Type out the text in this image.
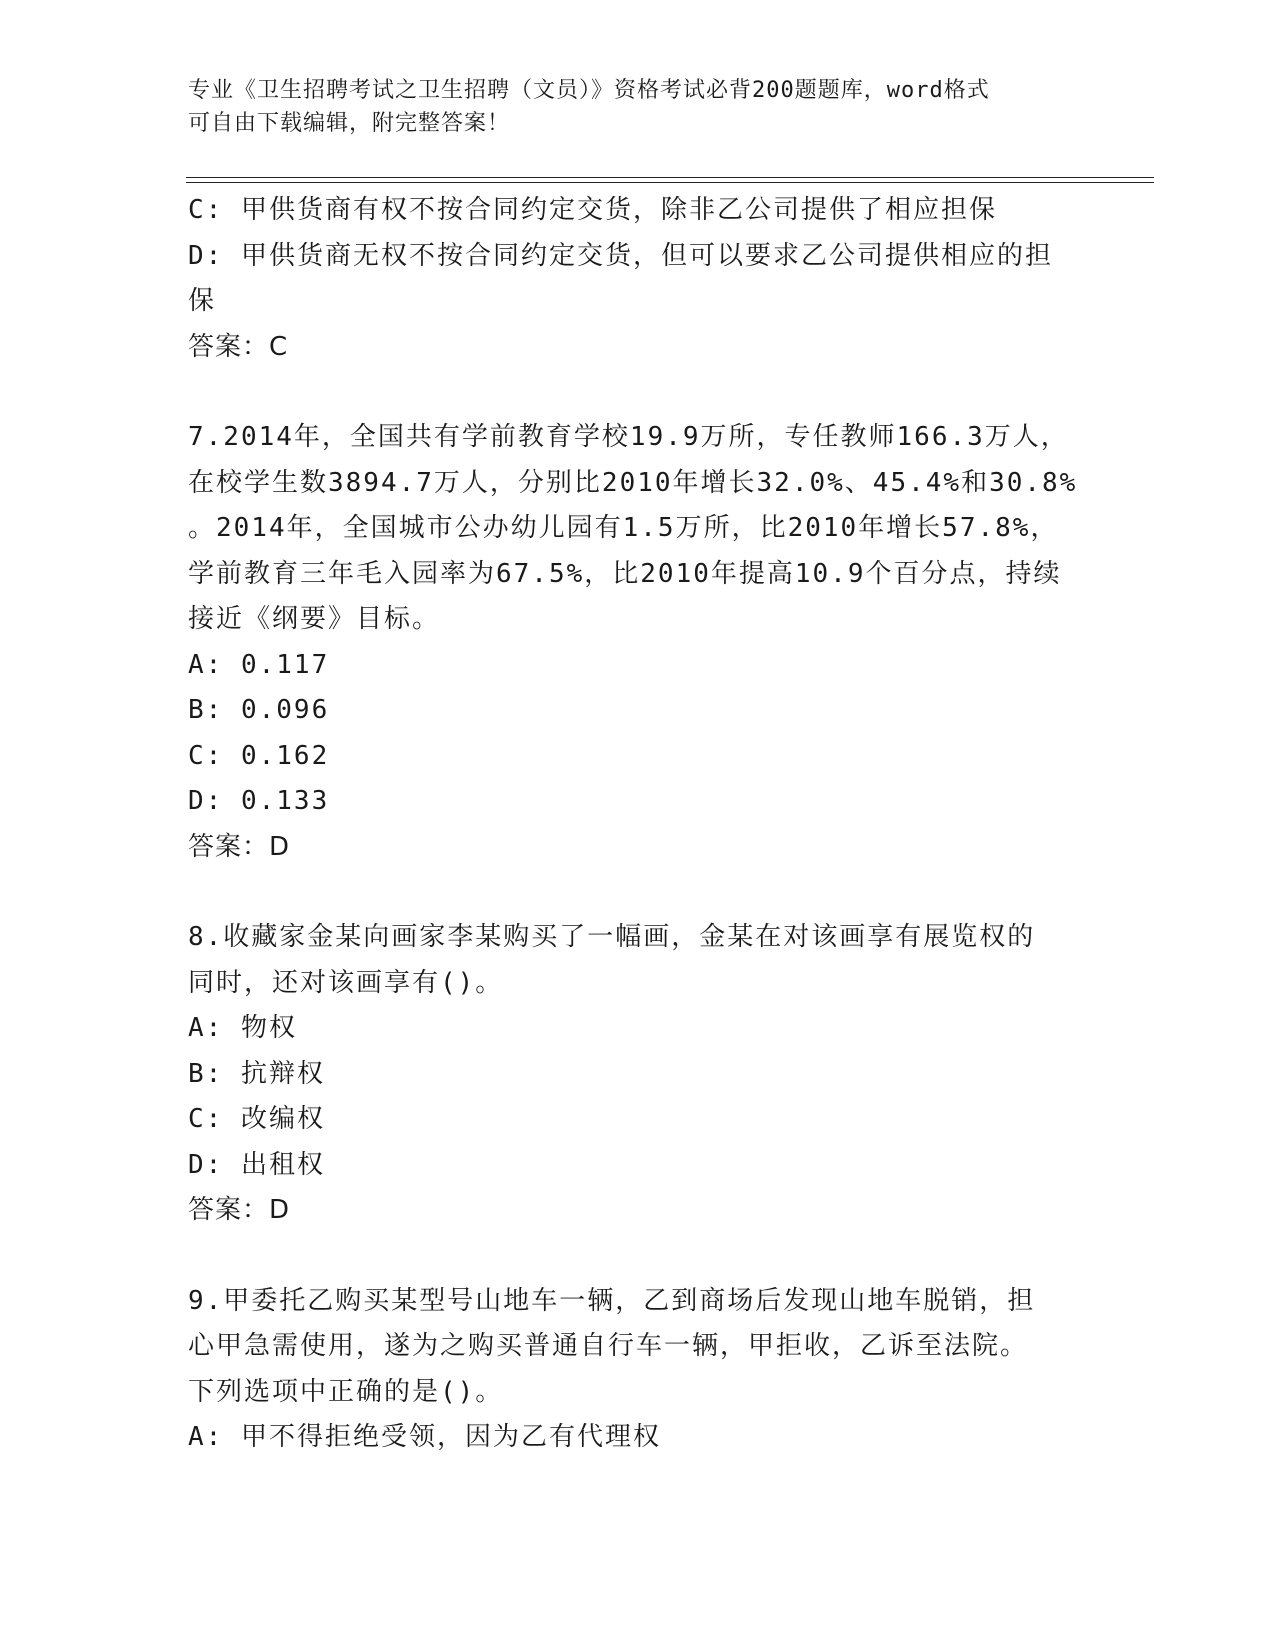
专业《卫生招聘考试之卫生招聘（文员）》资格考试必背200题题库，word格式
可自由下载编辑，附完整答案！
C: 甲供货商有权不按合同约定交货，除非乙公司提供了相应担保
D: 甲供货商无权不按合同约定交货，但可以要求乙公司提供相应的担
保
答案：C
7.2014年，全国共有学前教育学校19.9万所，专任教师166.3万人，
在校学生数3894.7万人，分别比2010年增长32.0%、45.4%和30.8%
。2014年，全国城市公办幼儿园有1.5万所，比2010年增长57.8%，
学前教育三年毛入园率为67.5%，比2010年提高10.9个百分点，持续
接近《纲要》目标。
A: 0.117
B: 0.096
C: 0.162
D: 0.133
答案：D
8.收藏家金某向画家李某购买了一幅画，金某在对该画享有展览权的
同时，还对该画享有()。
A: 物权
B: 抗辩权
C: 改编权
D: 出租权
答案：D
9.甲委托乙购买某型号山地车一辆，乙到商场后发现山地车脱销，担
心甲急需使用，遂为之购买普通自行车一辆，甲拒收，乙诉至法院。
下列选项中正确的是()。
A: 甲不得拒绝受领，因为乙有代理权
